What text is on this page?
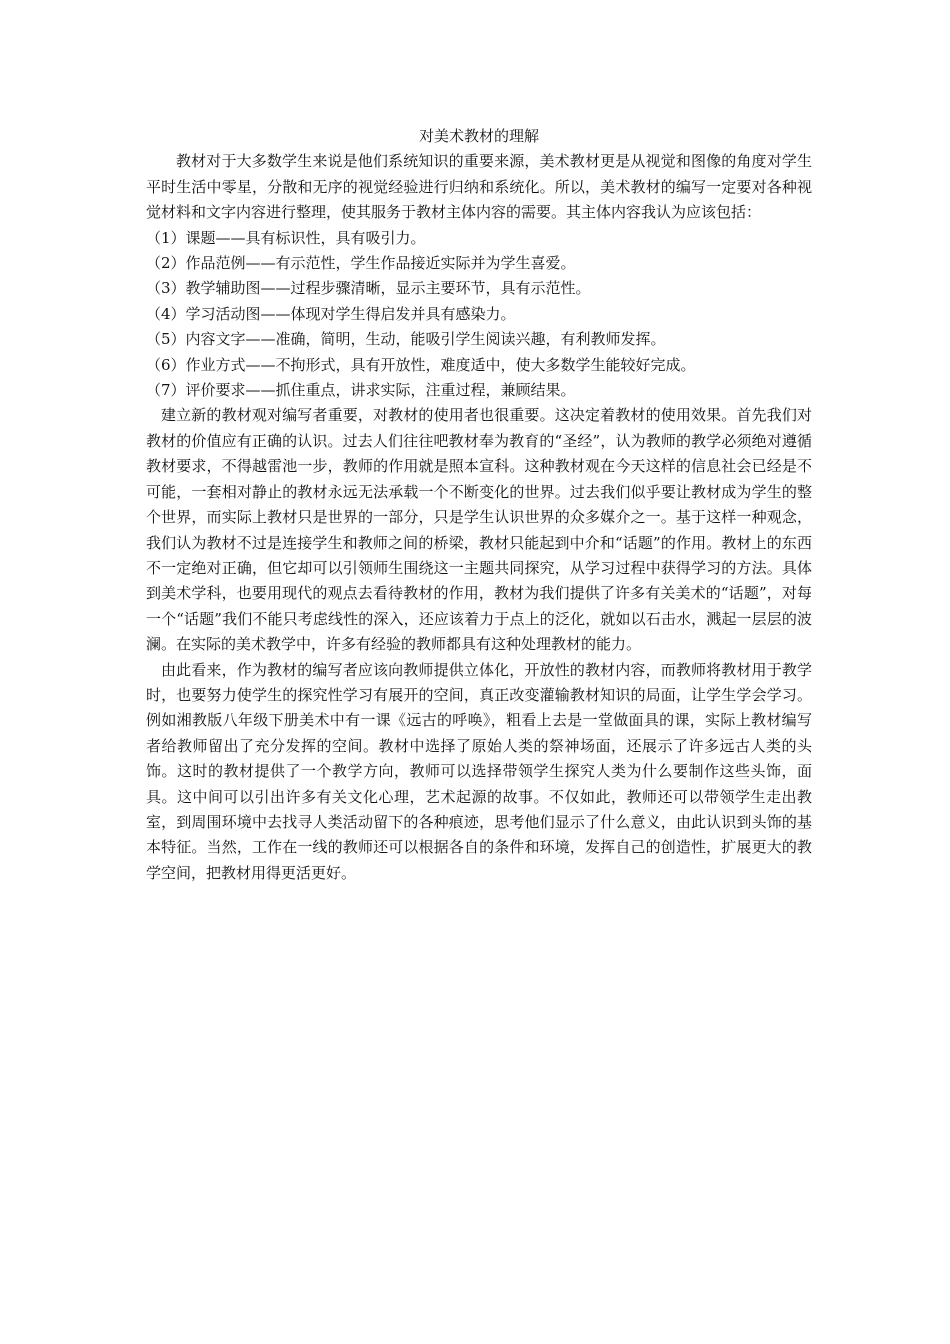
对美术教材的理解

教材对于大多数学生来说是他们系统知识的重要来源，美术教材更是从视觉和图像的角度对学生平时生活中零星，分散和无序的视觉经验进行归纳和系统化。所以，美术教材的编写一定要对各种视觉材料和文字内容进行整理，使其服务于教材主体内容的需要。其主体内容我认为应该包括：

（1）课题——具有标识性，具有吸引力。
（2）作品范例——有示范性，学生作品接近实际并为学生喜爱。
（3）教学辅助图——过程步骤清晰，显示主要环节，具有示范性。
（4）学习活动图——体现对学生得启发并具有感染力。
（5）内容文字——准确，简明，生动，能吸引学生阅读兴趣，有利教师发挥。
（6）作业方式——不拘形式，具有开放性，难度适中，使大多数学生能较好完成。
（7）评价要求——抓住重点，讲求实际，注重过程，兼顾结果。

建立新的教材观对编写者重要，对教材的使用者也很重要。这决定着教材的使用效果。首先我们对教材的价值应有正确的认识。过去人们往往吧教材奉为教育的“圣经”，认为教师的教学必须绝对遵循教材要求，不得越雷池一步，教师的作用就是照本宣科。这种教材观在今天这样的信息社会已经是不可能，一套相对静止的教材永远无法承载一个不断变化的世界。过去我们似乎要让教材成为学生的整个世界，而实际上教材只是世界的一部分，只是学生认识世界的众多媒介之一。基于这样一种观念，我们认为教材不过是连接学生和教师之间的桥梁，教材只能起到中介和“话题”的作用。教材上的东西不一定绝对正确，但它却可以引领师生围绕这一主题共同探究，从学习过程中获得学习的方法。具体到美术学科，也要用现代的观点去看待教材的作用，教材为我们提供了许多有关美术的“话题”，对每一个“话题”我们不能只考虑线性的深入，还应该着力于点上的泛化，就如以石击水，溅起一层层的波澜。在实际的美术教学中，许多有经验的教师都具有这种处理教材的能力。

由此看来，作为教材的编写者应该向教师提供立体化，开放性的教材内容，而教师将教材用于教学时，也要努力使学生的探究性学习有展开的空间，真正改变灌输教材知识的局面，让学生学会学习。例如湘教版八年级下册美术中有一课《远古的呼唤》，粗看上去是一堂做面具的课，实际上教材编写者给教师留出了充分发挥的空间。教材中选择了原始人类的祭神场面，还展示了许多远古人类的头饰。这时的教材提供了一个教学方向，教师可以选择带领学生探究人类为什么要制作这些头饰，面具。这中间可以引出许多有关文化心理，艺术起源的故事。不仅如此，教师还可以带领学生走出教室，到周围环境中去找寻人类活动留下的各种痕迹，思考他们显示了什么意义，由此认识到头饰的基本特征。当然，工作在一线的教师还可以根据各自的条件和环境，发挥自己的创造性，扩展更大的教学空间，把教材用得更活更好。
